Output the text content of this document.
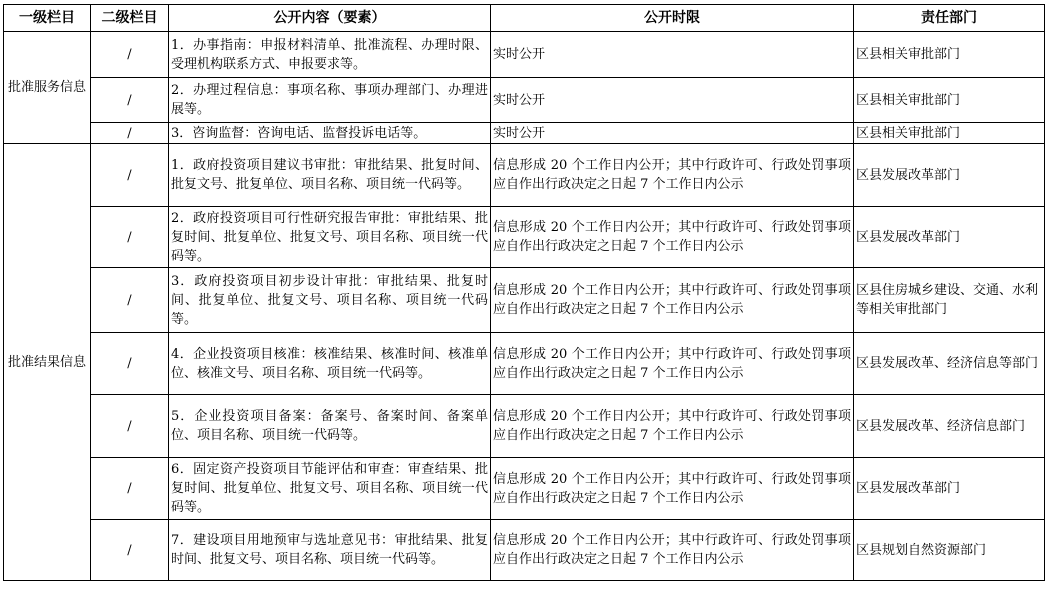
一级栏目	二级栏目	公开内容（要素）	公开时限	责任部门
批准服务信息	/	1．办事指南：申报材料清单、批准流程、办理时限、受理机构联系方式、申报要求等。	实时公开	区县相关审批部门
	/	2．办理过程信息：事项名称、事项办理部门、办理进展等。	实时公开	区县相关审批部门
	/	3．咨询监督：咨询电话、监督投诉电话等。	实时公开	区县相关审批部门
批准结果信息	/	1．政府投资项目建议书审批：审批结果、批复时间、批复文号、批复单位、项目名称、项目统一代码等。	信息形成 20 个工作日内公开；其中行政许可、行政处罚事项应自作出行政决定之日起 7 个工作日内公示	区县发展改革部门
	/	2．政府投资项目可行性研究报告审批：审批结果、批复时间、批复单位、批复文号、项目名称、项目统一代码等。	信息形成 20 个工作日内公开；其中行政许可、行政处罚事项应自作出行政决定之日起 7 个工作日内公示	区县发展改革部门
	/	3．政府投资项目初步设计审批：审批结果、批复时间、批复单位、批复文号、项目名称、项目统一代码等。	信息形成 20 个工作日内公开；其中行政许可、行政处罚事项应自作出行政决定之日起 7 个工作日内公示	区县住房城乡建设、交通、水利等相关审批部门
	/	4．企业投资项目核准：核准结果、核准时间、核准单位、核准文号、项目名称、项目统一代码等。	信息形成 20 个工作日内公开；其中行政许可、行政处罚事项应自作出行政决定之日起 7 个工作日内公示	区县发展改革、经济信息等部门
	/	5．企业投资项目备案：备案号、备案时间、备案单位、项目名称、项目统一代码等。	信息形成 20 个工作日内公开；其中行政许可、行政处罚事项应自作出行政决定之日起 7 个工作日内公示	区县发展改革、经济信息部门
	/	6．固定资产投资项目节能评估和审查：审查结果、批复时间、批复单位、批复文号、项目名称、项目统一代码等。	信息形成 20 个工作日内公开；其中行政许可、行政处罚事项应自作出行政决定之日起 7 个工作日内公示	区县发展改革部门
	/	7．建设项目用地预审与选址意见书：审批结果、批复时间、批复文号、项目名称、项目统一代码等。	信息形成 20 个工作日内公开；其中行政许可、行政处罚事项应自作出行政决定之日起 7 个工作日内公示	区县规划自然资源部门
